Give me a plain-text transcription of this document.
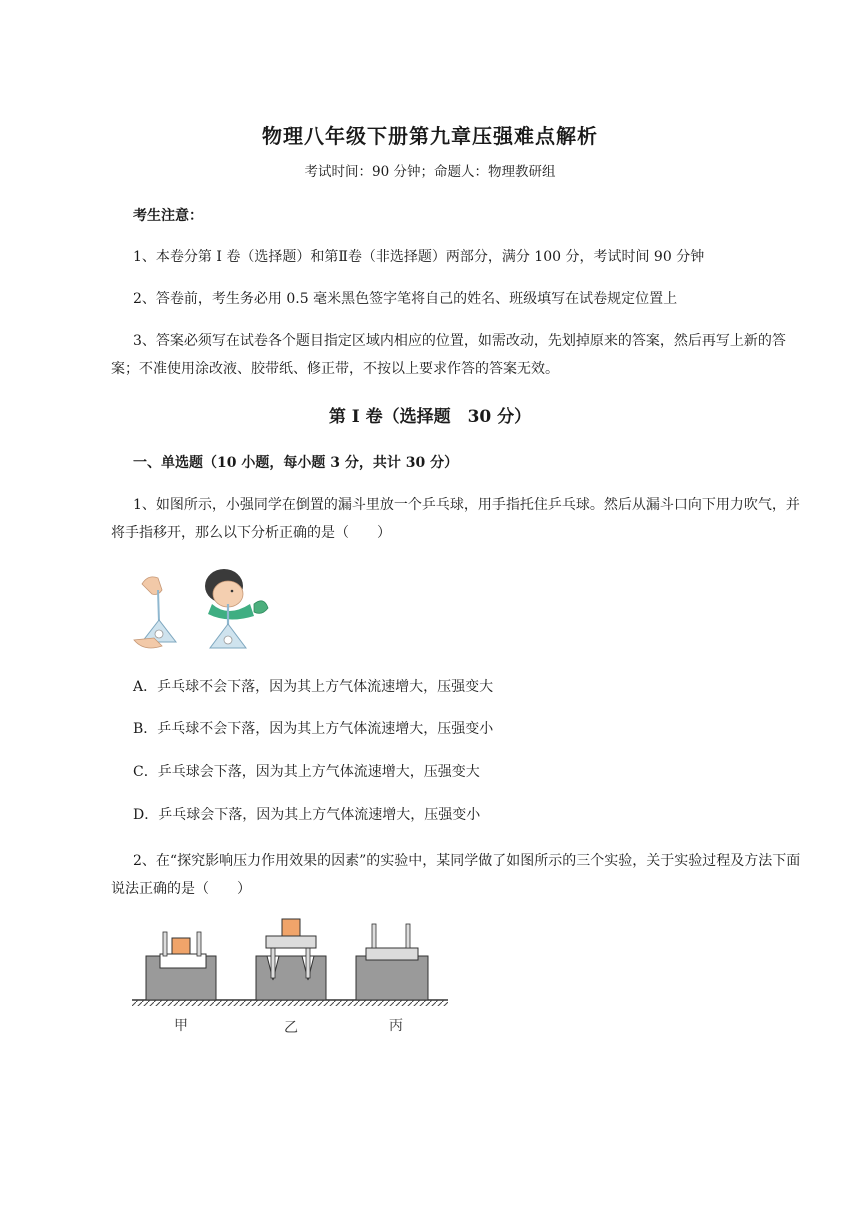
物理八年级下册第九章压强难点解析
考试时间：90 分钟；命题人：物理教研组
考生注意：
1、本卷分第 I 卷（选择题）和第Ⅱ卷（非选择题）两部分，满分 100 分，考试时间 90 分钟
2、答卷前，考生务必用 0.5 毫米黑色签字笔将自己的姓名、班级填写在试卷规定位置上
3、答案必须写在试卷各个题目指定区域内相应的位置，如需改动，先划掉原来的答案，然后再写上新的答案；不准使用涂改液、胶带纸、修正带，不按以上要求作答的答案无效。
第 I 卷（选择题　30 分）
一、单选题（10 小题，每小题 3 分，共计 30 分）
1、如图所示，小强同学在倒置的漏斗里放一个乒乓球，用手指托住乒乓球。然后从漏斗口向下用力吹气，并将手指移开，那么以下分析正确的是（　　）
A．乒乓球不会下落，因为其上方气体流速增大，压强变大
B．乒乓球不会下落，因为其上方气体流速增大，压强变小
C．乒乓球会下落，因为其上方气体流速增大，压强变大
D．乒乓球会下落，因为其上方气体流速增大，压强变小
2、在“探究影响压力作用效果的因素”的实验中，某同学做了如图所示的三个实验，关于实验过程及方法下面说法正确的是（　　）
甲	乙	丙
